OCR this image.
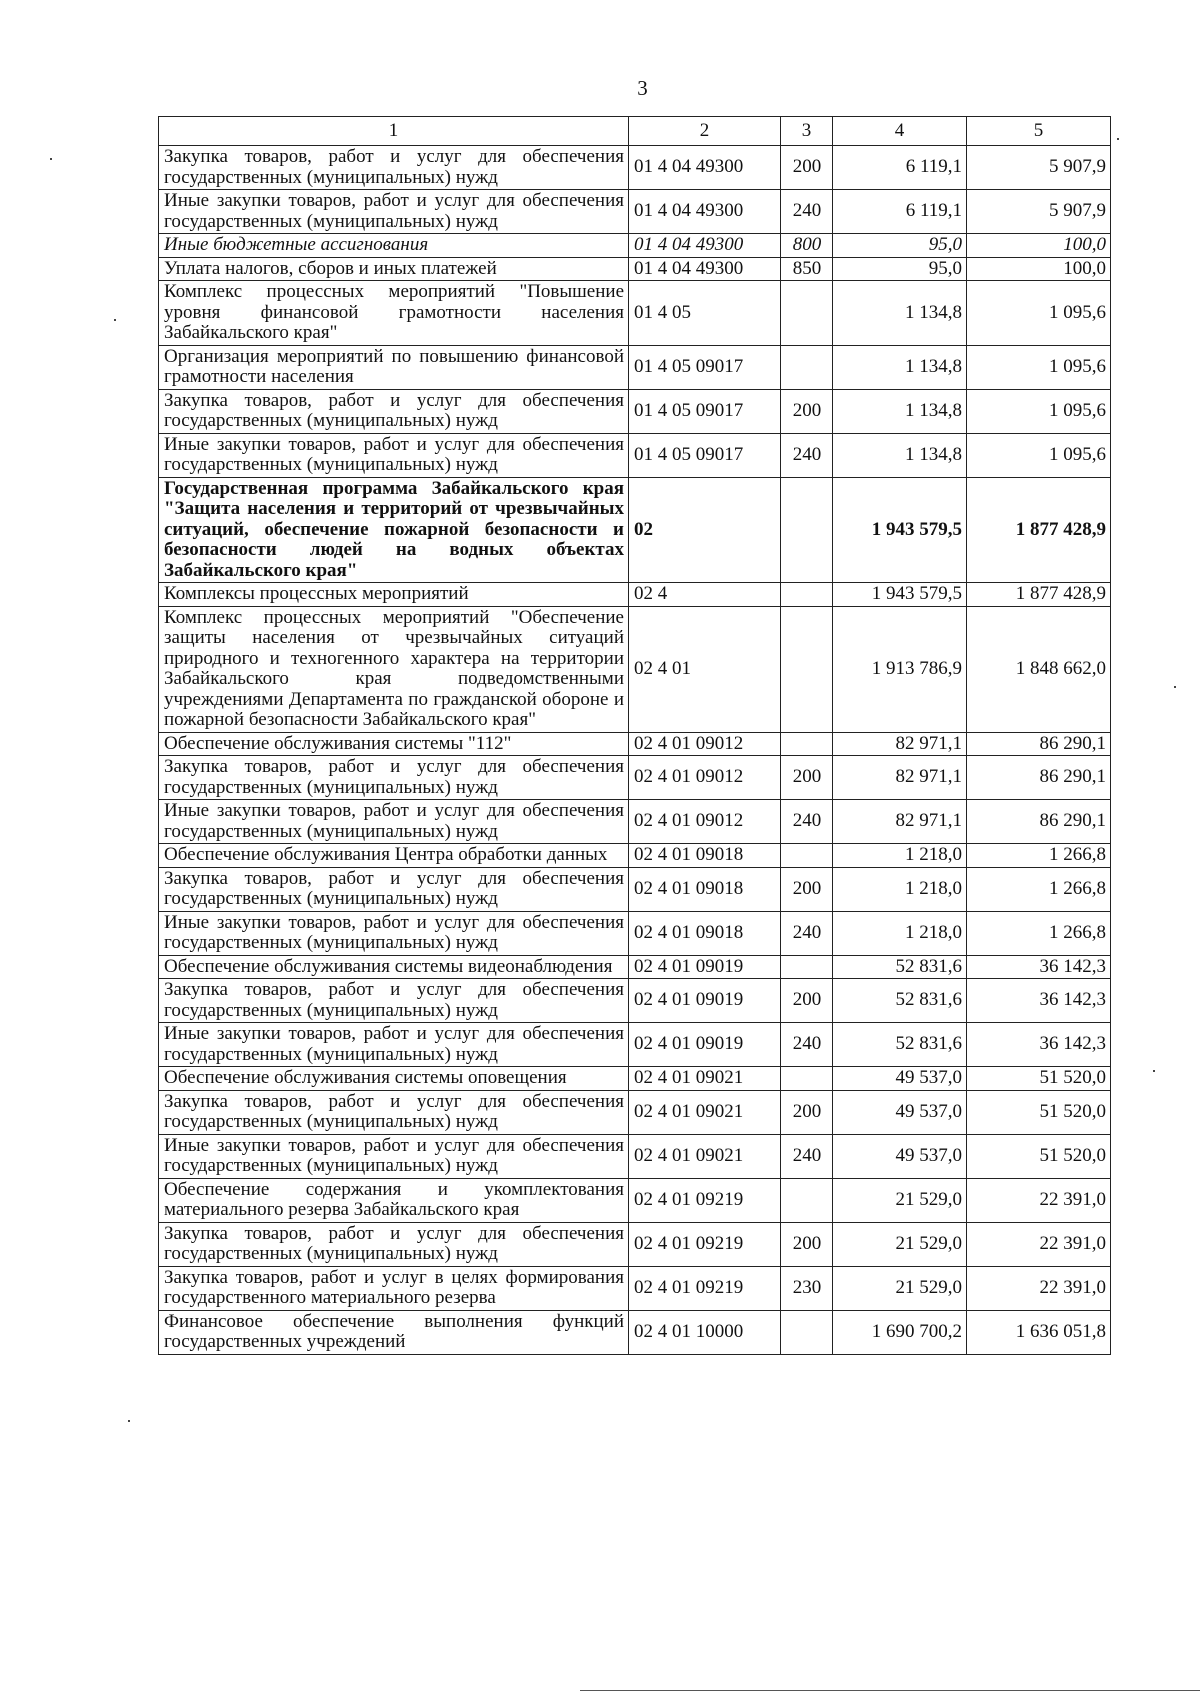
3
1	2	3	4	5
Закупка товаров, работ и услуг для обеспечения государственных (муниципальных) нужд	01 4 04 49300	200	6 119,1	5 907,9
Иные закупки товаров, работ и услуг для обеспечения государственных (муниципальных) нужд	01 4 04 49300	240	6 119,1	5 907,9
Иные бюджетные ассигнования	01 4 04 49300	800	95,0	100,0
Уплата налогов, сборов и иных платежей	01 4 04 49300	850	95,0	100,0
Комплекс процессных мероприятий "Повышение уровня финансовой грамотности населения Забайкальского края"	01 4 05		1 134,8	1 095,6
Организация мероприятий по повышению финансовой грамотности населения	01 4 05 09017		1 134,8	1 095,6
Закупка товаров, работ и услуг для обеспечения государственных (муниципальных) нужд	01 4 05 09017	200	1 134,8	1 095,6
Иные закупки товаров, работ и услуг для обеспечения государственных (муниципальных) нужд	01 4 05 09017	240	1 134,8	1 095,6
Государственная программа Забайкальского края "Защита населения и территорий от чрезвычайных ситуаций, обеспечение пожарной безопасности и безопасности людей на водных объектах Забайкальского края"	02		1 943 579,5	1 877 428,9
Комплексы процессных мероприятий	02 4		1 943 579,5	1 877 428,9
Комплекс процессных мероприятий "Обеспечение защиты населения от чрезвычайных ситуаций природного и техногенного характера на территории Забайкальского края подведомственными учреждениями Департамента по гражданской обороне и пожарной безопасности Забайкальского края"	02 4 01		1 913 786,9	1 848 662,0
Обеспечение обслуживания системы "112"	02 4 01 09012		82 971,1	86 290,1
Закупка товаров, работ и услуг для обеспечения государственных (муниципальных) нужд	02 4 01 09012	200	82 971,1	86 290,1
Иные закупки товаров, работ и услуг для обеспечения государственных (муниципальных) нужд	02 4 01 09012	240	82 971,1	86 290,1
Обеспечение обслуживания Центра обработки данных	02 4 01 09018		1 218,0	1 266,8
Закупка товаров, работ и услуг для обеспечения государственных (муниципальных) нужд	02 4 01 09018	200	1 218,0	1 266,8
Иные закупки товаров, работ и услуг для обеспечения государственных (муниципальных) нужд	02 4 01 09018	240	1 218,0	1 266,8
Обеспечение обслуживания системы видеонаблюдения	02 4 01 09019		52 831,6	36 142,3
Закупка товаров, работ и услуг для обеспечения государственных (муниципальных) нужд	02 4 01 09019	200	52 831,6	36 142,3
Иные закупки товаров, работ и услуг для обеспечения государственных (муниципальных) нужд	02 4 01 09019	240	52 831,6	36 142,3
Обеспечение обслуживания системы оповещения	02 4 01 09021		49 537,0	51 520,0
Закупка товаров, работ и услуг для обеспечения государственных (муниципальных) нужд	02 4 01 09021	200	49 537,0	51 520,0
Иные закупки товаров, работ и услуг для обеспечения государственных (муниципальных) нужд	02 4 01 09021	240	49 537,0	51 520,0
Обеспечение содержания и укомплектования материального резерва Забайкальского края	02 4 01 09219		21 529,0	22 391,0
Закупка товаров, работ и услуг для обеспечения государственных (муниципальных) нужд	02 4 01 09219	200	21 529,0	22 391,0
Закупка товаров, работ и услуг в целях формирования государственного материального резерва	02 4 01 09219	230	21 529,0	22 391,0
Финансовое обеспечение выполнения функций государственных учреждений	02 4 01 10000		1 690 700,2	1 636 051,8
